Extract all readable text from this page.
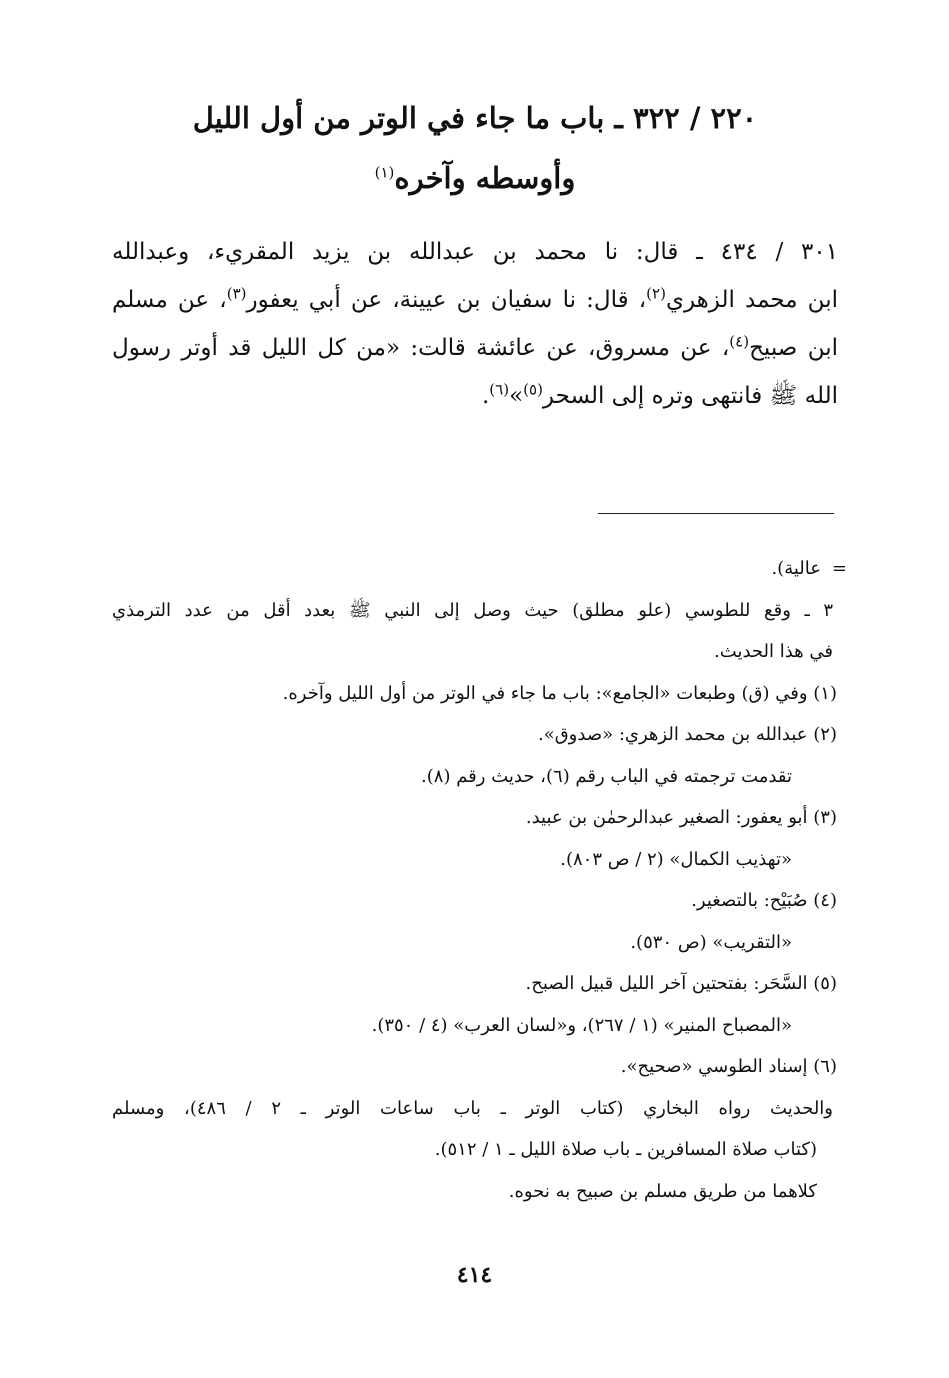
٢٢٠ / ٣٢٢ ـ باب ما جاء في الوتر من أول الليل
وأوسطه وآخره$^{(١)}$
٣٠١ / ٤٣٤ ـ قال: نا محمد بن عبدالله بن يزيد المقريء، وعبدالله
ابن محمد الزهري$^{(٢)}$، قال: نا سفيان بن عيينة، عن أبي يعفور$^{(٣)}$، عن مسلم
ابن صبيح$^{(٤)}$، عن مسروق، عن عائشة قالت: «من كل الليل قد أوتر رسول
الله ﷺ فانتهى وتره إلى السحر$^{(٥)}$»$^{(٦)}$.
=عالية).
٣ ـ وقع للطوسي (علو مطلق) حيث وصل إلى النبي ﷺ بعدد أقل من عدد الترمذي
في هذا الحديث.
(١) وفي (ق) وطبعات «الجامع»: باب ما جاء في الوتر من أول الليل وآخره.
(٢) عبدالله بن محمد الزهري: «صدوق».
تقدمت ترجمته في الباب رقم (٦)، حديث رقم (٨).
(٣) أبو يعفور: الصغير عبدالرحمٰن بن عبيد.
«تهذيب الكمال» (٢ / ص ٨٠٣).
(٤) صُبَيْح: بالتصغير.
«التقريب» (ص ٥٣٠).
(٥) السَّحَر: بفتحتين آخر الليل قبيل الصبح.
«المصباح المنير» (١ / ٢٦٧)، و«لسان العرب» (٤ / ٣٥٠).
(٦) إسناد الطوسي «صحيح».
والحديث رواه البخاري (كتاب الوتر ـ باب ساعات الوتر ـ ٢ / ٤٨٦)، ومسلم
(كتاب صلاة المسافرين ـ باب صلاة الليل ـ ١ / ٥١٢).
كلاهما من طريق مسلم بن صبيح به نحوه.
٤١٤
